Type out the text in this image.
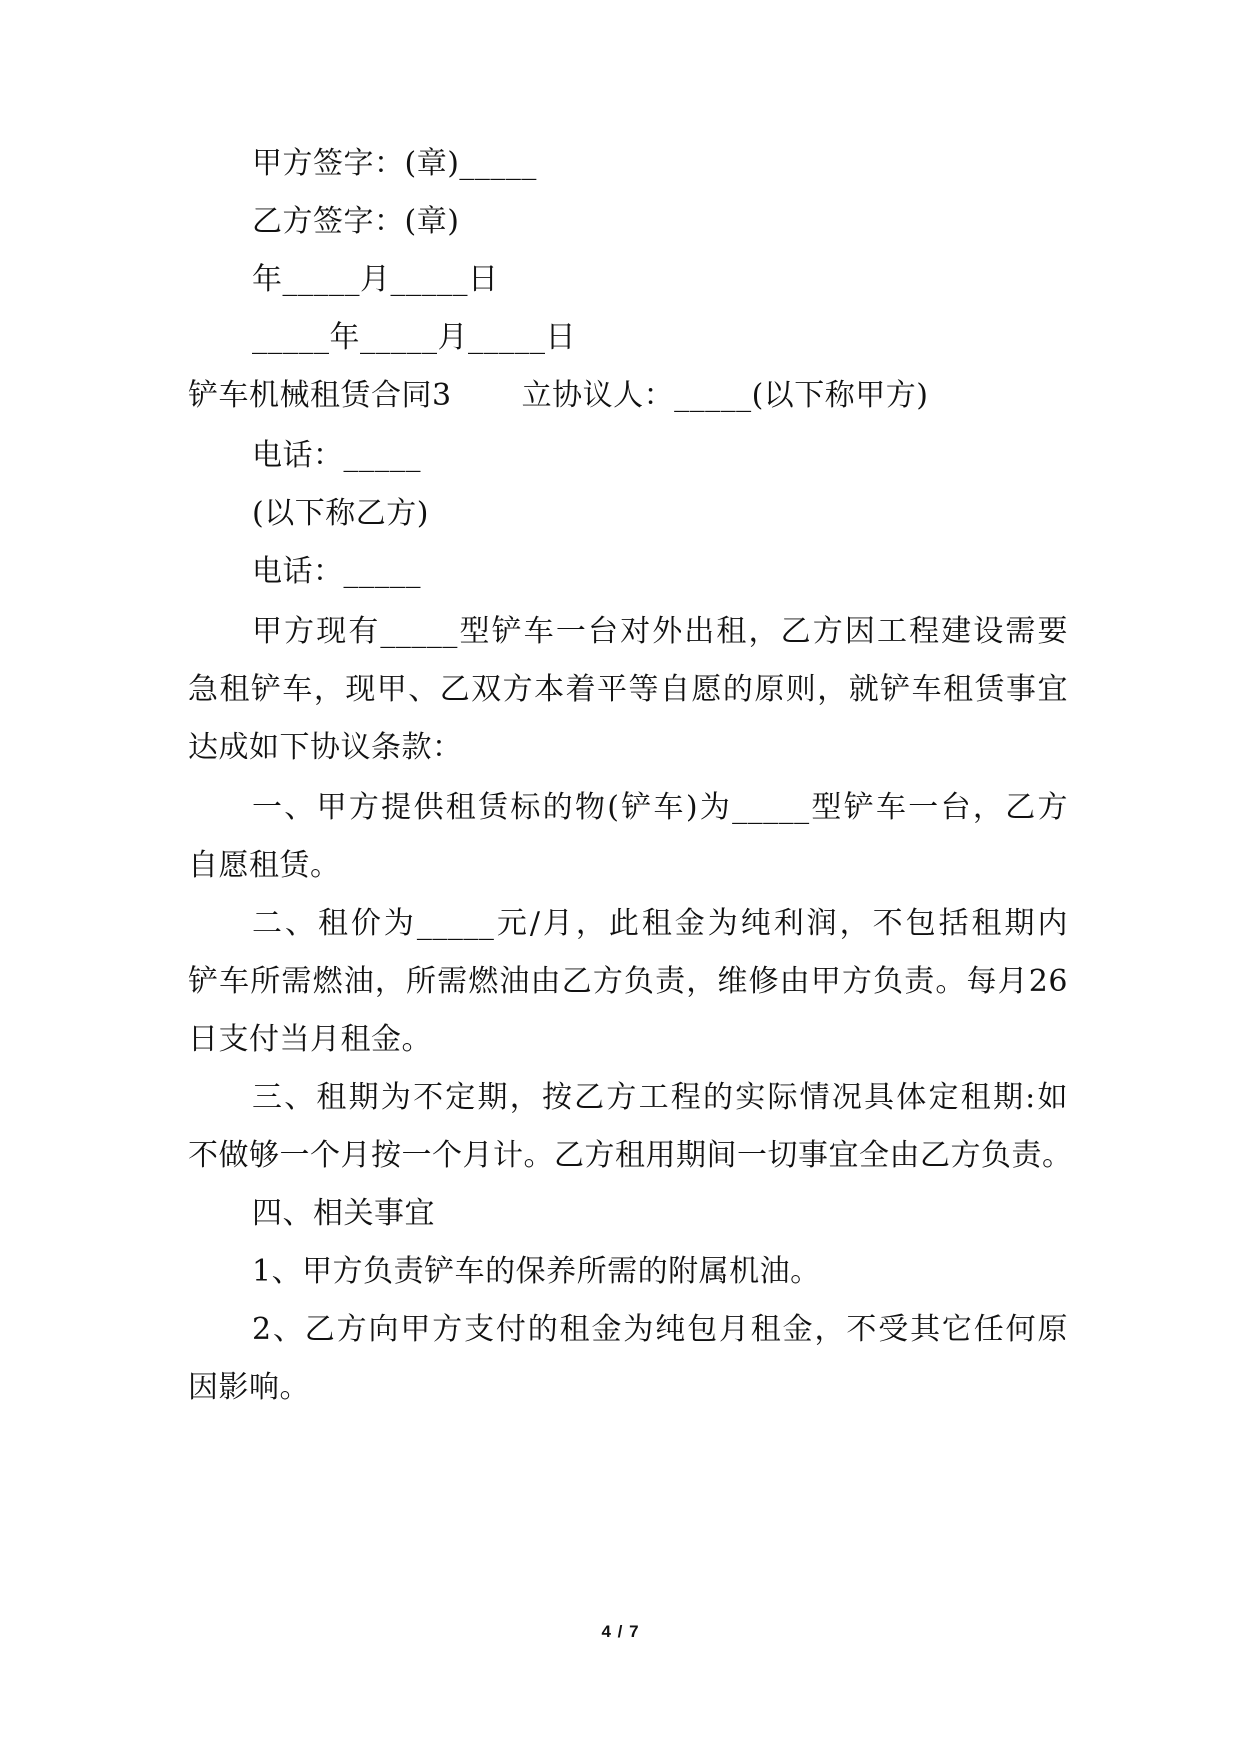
甲方签字：(章)_____
乙方签字：(章)
年_____月_____日
_____年_____月_____日
铲车机械租赁合同3 立协议人：_____(以下称甲方)
电话：_____
(以下称乙方)
电话：_____
甲方现有_____型铲车一台对外出租，乙方因工程建设需要
急租铲车，现甲、乙双方本着平等自愿的原则，就铲车租赁事宜
达成如下协议条款：
一、甲方提供租赁标的物(铲车)为_____型铲车一台，乙方
自愿租赁。
二、租价为_____元/月，此租金为纯利润，不包括租期内
铲车所需燃油，所需燃油由乙方负责，维修由甲方负责。每月26
日支付当月租金。
三、租期为不定期，按乙方工程的实际情况具体定租期:如
不做够一个月按一个月计。乙方租用期间一切事宜全由乙方负责。
四、相关事宜
1、甲方负责铲车的保养所需的附属机油。
2、乙方向甲方支付的租金为纯包月租金，不受其它任何原
因影响。
4 / 7
